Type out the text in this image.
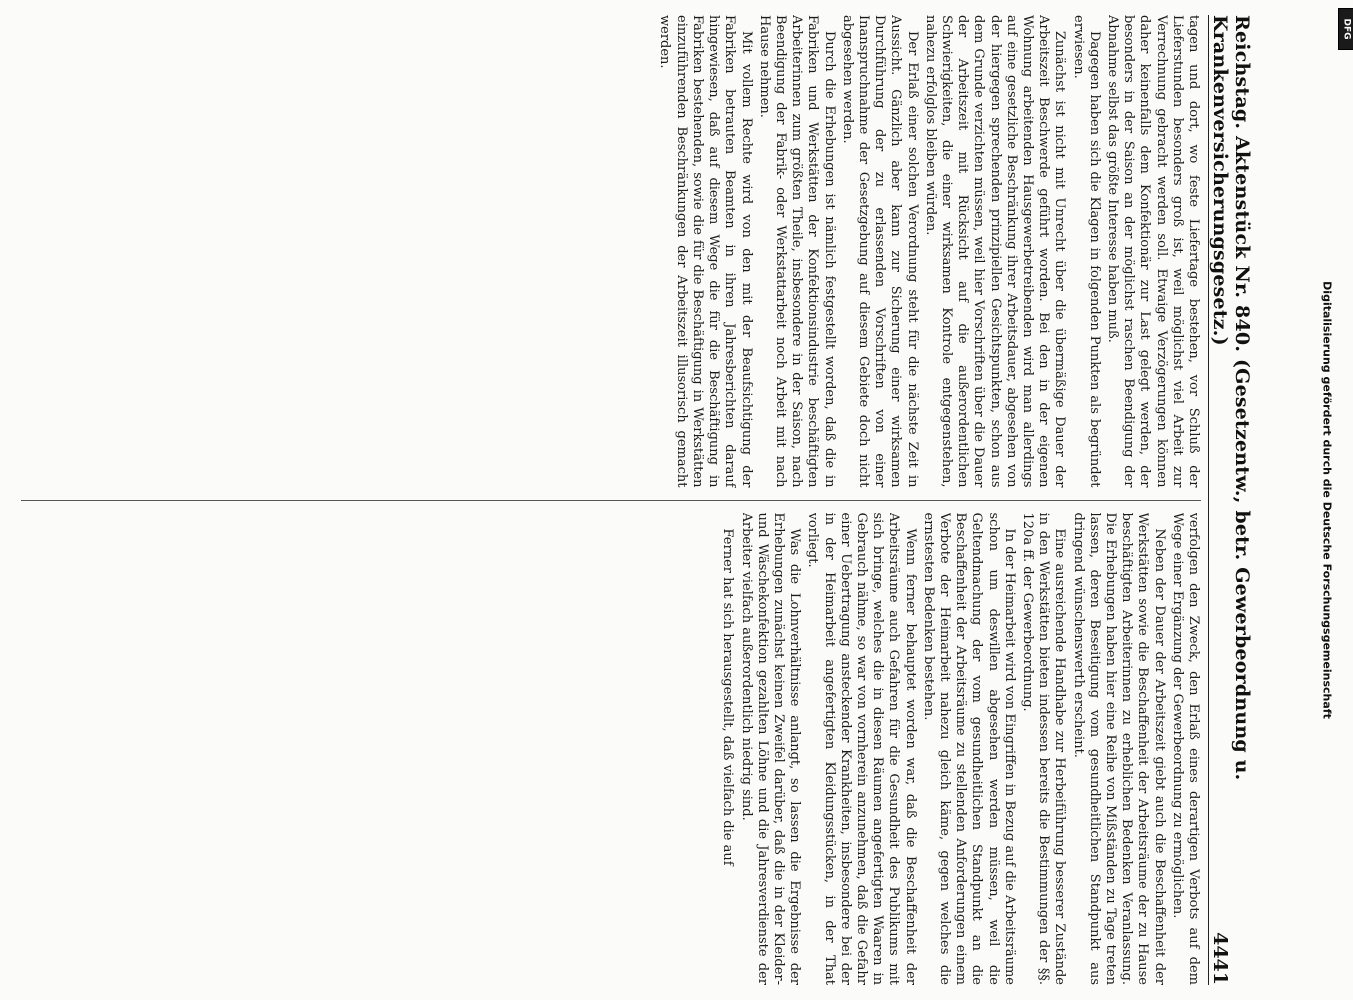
Reichstag. Aktenstück Nr. 840. (Gesetzentw., betr. Gewerbeordnung u. Krankenversicherungsgesetz.)
4441

tagen und dort, wo feste Liefertage bestehen, vor Schluß der Lieferstunden besonders groß ist, weil möglichst viel Arbeit zur Verrechnung gebracht werden soll. Etwaige Verzögerungen können daher keinenfalls dem Konfektionär zur Last gelegt werden, der besonders in der Saison an der möglichst raschen Beendigung der Abnahme selbst das größte Interesse haben muß.

Dagegen haben sich die Klagen in folgenden Punkten als begründet erwiesen.

Zunächst ist nicht mit Unrecht über die übermäßige Dauer der Arbeitszeit Beschwerde geführt worden. Bei den in der eigenen Wohnung arbeitenden Hausgewerbetreibenden wird man allerdings auf eine gesetzliche Beschränkung ihrer Arbeitsdauer, abgesehen von der hiergegen sprechenden prinzipiellen Gesichtspunkten, schon aus dem Grunde verzichten müssen, weil hier Vorschriften über die Dauer der Arbeitszeit mit Rücksicht auf die außerordentlichen Schwierigkeiten, die einer wirksamen Kontrole entgegenstehen, nahezu erfolglos bleiben würden.

Der Erlaß einer solchen Verordnung steht für die nächste Zeit in Aussicht. Gänzlich aber kann zur Sicherung einer wirksamen Durchführung der zu erlassenden Vorschriften von einer Inanspruchnahme der Gesetzgebung auf diesem Gebiete doch nicht abgesehen werden.

Durch die Erhebungen ist nämlich festgestellt worden, daß die in Fabriken und Werkstätten der Konfektionsindustrie beschäftigten Arbeiterinnen zum größten Theile, insbesondere in der Saison, nach Beendigung der Fabrik- oder Werkstattarbeit noch Arbeit mit nach Hause nehmen.

Mit vollem Rechte wird von den mit der Beaufsichtigung der Fabriken betrauten Beamten in ihren Jahresberichten darauf hingewiesen, daß auf diesem Wege die für die Beschäftigung in Fabriken bestehenden, sowie die für die Beschäftigung in Werkstätten einzuführenden Beschränkungen der Arbeitszeit illusorisch gemacht werden.

verfolgen den Zweck, den Erlaß eines derartigen Verbots auf dem Wege einer Ergänzung der Gewerbeordnung zu ermöglichen.

Neben der Dauer der Arbeitszeit giebt auch die Beschaffenheit der Werkstätten sowie die Beschaffenheit der Arbeitsräume der zu Hause beschäftigten Arbeiterinnen zu erheblichen Bedenken Veranlassung. Die Erhebungen haben hier eine Reihe von Mißständen zu Tage treten lassen, deren Beseitigung vom gesundheitlichen Standpunkt aus dringend wünschenswerth erscheint.

Eine ausreichende Handhabe zur Herbeiführung besserer Zustände in den Werkstätten bieten indessen bereits die Bestimmungen der §§. 120a ff. der Gewerbeordnung.

In der Heimarbeit wird von Eingriffen in Bezug auf die Arbeitsräume schon um deswillen abgesehen werden müssen, weil die Geltendmachung der vom gesundheitlichen Standpunkt an die Beschaffenheit der Arbeitsräume zu stellenden Anforderungen einem Verbote der Heimarbeit nahezu gleich käme, gegen welches die ernstesten Bedenken bestehen.

Wenn ferner behauptet worden war, daß die Beschaffenheit der Arbeitsräume auch Gefahren für die Gesundheit des Publikums mit sich bringe, welches die in diesen Räumen angefertigten Waaren in Gebrauch nähme, so war von vornherein anzunehmen, daß die Gefahr einer Uebertragung ansteckender Krankheiten, insbesondere bei der in der Heimarbeit angefertigten Kleidungsstücken, in der That vorliegt.

Was die Lohnverhältnisse anlangt, so lassen die Ergebnisse der Erhebungen zunächst keinen Zweifel darüber, daß die in der Kleider- und Wäschekonfektion gezahlten Löhne und die Jahresverdienste der Arbeiter vielfach außerordentlich niedrig sind.

Ferner hat sich herausgestellt, daß vielfach die auf	Digitalisierung gefördert durch die Deutsche Forschungsgemeinschaft
DFG
